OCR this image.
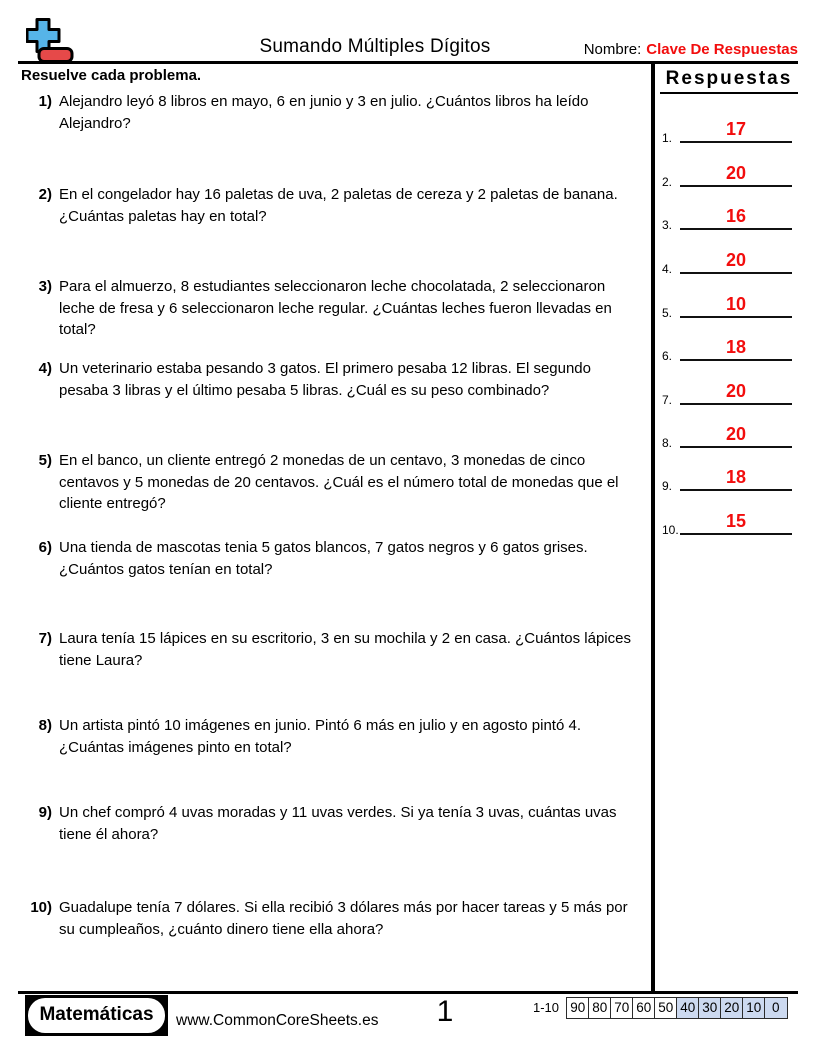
Sumando Múltiples Dígitos	Nombre: Clave De Respuestas
Resuelve cada problema.	Respuestas
1.	17
2.	20
3.	16
4.	20
5.	10
6.	18
7.	20
8.	20
9.	18
10.	15
1) Alejandro leyó 8 libros en mayo, 6 en junio y 3 en julio. ¿Cuántos libros ha leído Alejandro?
2) En el congelador hay 16 paletas de uva, 2 paletas de cereza y 2 paletas de banana. ¿Cuántas paletas hay en total?
3) Para el almuerzo, 8 estudiantes seleccionaron leche chocolatada, 2 seleccionaron leche de fresa y 6 seleccionaron leche regular. ¿Cuántas leches fueron llevadas en total?
4) Un veterinario estaba pesando 3 gatos. El primero pesaba 12 libras. El segundo pesaba 3 libras y el último pesaba 5 libras. ¿Cuál es su peso combinado?
5) En el banco, un cliente entregó 2 monedas de un centavo, 3 monedas de cinco centavos y 5 monedas de 20 centavos. ¿Cuál es el número total de monedas que el cliente entregó?
6) Una tienda de mascotas tenia 5 gatos blancos, 7 gatos negros y 6 gatos grises. ¿Cuántos gatos tenían en total?
7) Laura tenía 15 lápices en su escritorio, 3 en su mochila y 2 en casa. ¿Cuántos lápices tiene Laura?
8) Un artista pintó 10 imágenes en junio. Pintó 6 más en julio y en agosto pintó 4. ¿Cuántas imágenes pinto en total?
9) Un chef compró 4 uvas moradas y 11 uvas verdes. Si ya tenía 3 uvas, cuántas uvas tiene él ahora?
10) Guadalupe tenía 7 dólares. Si ella recibió 3 dólares más por hacer tareas y 5 más por su cumpleaños, ¿cuánto dinero tiene ella ahora?
Matemáticas	www.CommonCoreSheets.es	1	1-10 90 80 70 60 50 40 30 20 10 0
